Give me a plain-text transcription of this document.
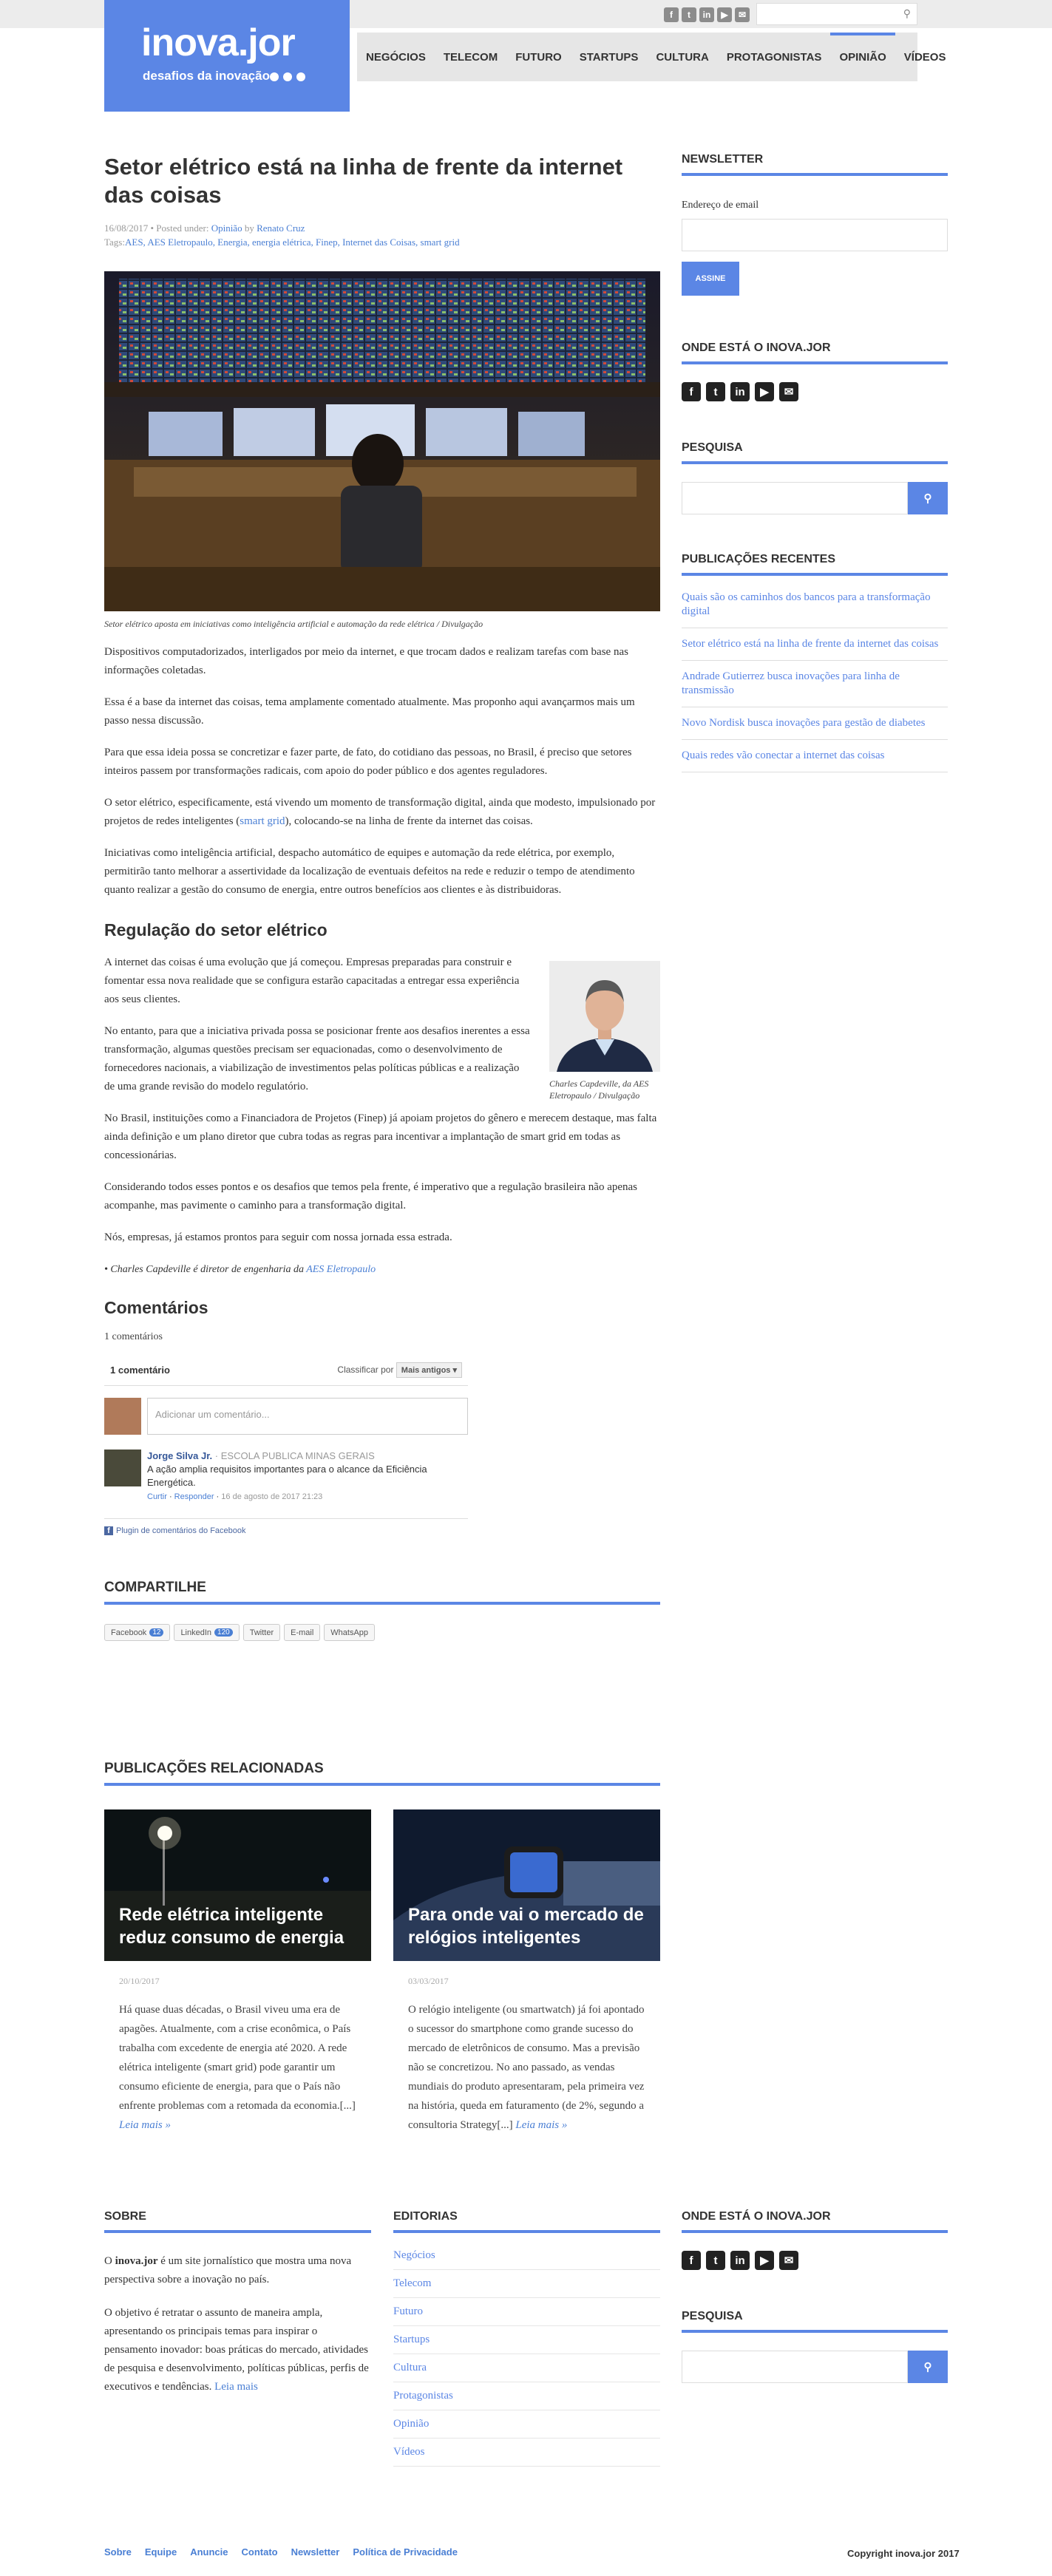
f	t	in	▶	✉	⚲
inova.jor
desafios da inovação
NEGÓCIOS	TELECOM	FUTURO	STARTUPS	CULTURA	PROTAGONISTAS	OPINIÃO	VÍDEOS
Setor elétrico está na linha de frente da internet das coisas
16/08/2017 • Posted under: Opinião by Renato Cruz
Tags:AES, AES Eletropaulo, Energia, energia elétrica, Finep, Internet das Coisas, smart grid
Setor elétrico aposta em iniciativas como inteligência artificial e automação da rede elétrica / Divulgação

Dispositivos computadorizados, interligados por meio da internet, e que trocam dados e realizam tarefas com base nas informações coletadas.

Essa é a base da internet das coisas, tema amplamente comentado atualmente. Mas proponho aqui avançarmos mais um passo nessa discussão.

Para que essa ideia possa se concretizar e fazer parte, de fato, do cotidiano das pessoas, no Brasil, é preciso que setores inteiros passem por transformações radicais, com apoio do poder público e dos agentes reguladores.

O setor elétrico, especificamente, está vivendo um momento de transformação digital, ainda que modesto, impulsionado por projetos de redes inteligentes (smart grid), colocando-se na linha de frente da internet das coisas.

Iniciativas como inteligência artificial, despacho automático de equipes e automação da rede elétrica, por exemplo, permitirão tanto melhorar a assertividade da localização de eventuais defeitos na rede e reduzir o tempo de atendimento quanto realizar a gestão do consumo de energia, entre outros benefícios aos clientes e às distribuidoras.

Regulação do setor elétrico
Charles Capdeville, da AES Eletropaulo / Divulgação

A internet das coisas é uma evolução que já começou. Empresas preparadas para construir e fomentar essa nova realidade que se configura estarão capacitadas a entregar essa experiência aos seus clientes.

No entanto, para que a iniciativa privada possa se posicionar frente aos desafios inerentes a essa transformação, algumas questões precisam ser equacionadas, como o desenvolvimento de fornecedores nacionais, a viabilização de investimentos pelas políticas públicas e a realização de uma grande revisão do modelo regulatório.

No Brasil, instituições como a Financiadora de Projetos (Finep) já apoiam projetos do gênero e merecem destaque, mas falta ainda definição e um plano diretor que cubra todas as regras para incentivar a implantação de smart grid em todas as concessionárias.

Considerando todos esses pontos e os desafios que temos pela frente, é imperativo que a regulação brasileira não apenas acompanhe, mas pavimente o caminho para a transformação digital.

Nós, empresas, já estamos prontos para seguir com nossa jornada essa estrada.

• Charles Capdeville é diretor de engenharia da AES Eletropaulo

Comentários
1 comentários
1 comentário	Classificar por Mais antigos ▾
Adicionar um comentário...
Jorge Silva Jr. · ESCOLA PUBLICA MINAS GERAIS
A ação amplia requisitos importantes para o alcance da Eficiência Energética.
Curtir · Responder · 16 de agosto de 2017 21:23
f Plugin de comentários do Facebook
COMPARTILHE
Facebook 12	LinkedIn 120	Twitter E-mail WhatsApp
PUBLICAÇÕES RELACIONADAS
Rede elétrica inteligente reduz consumo de energia
20/10/2017
Há quase duas décadas, o Brasil viveu uma era de apagões. Atualmente, com a crise econômica, o País trabalha com excedente de energia até 2020. A rede elétrica inteligente (smart grid) pode garantir um consumo eficiente de energia, para que o País não enfrente problemas com a retomada da economia.[...] Leia mais »
Para onde vai o mercado de relógios inteligentes
03/03/2017
O relógio inteligente (ou smartwatch) já foi apontado o sucessor do smartphone como grande sucesso do mercado de eletrônicos de consumo. Mas a previsão não se concretizou. No ano passado, as vendas mundiais do produto apresentaram, pela primeira vez na história, queda em faturamento (de 2%, segundo a consultoria Strategy[...] Leia mais »
NEWSLETTER
Endereço de email
ASSINE
ONDE ESTÁ O INOVA.JOR
f	t	in	▶	✉
PESQUISA
⚲
PUBLICAÇÕES RECENTES
Quais são os caminhos dos bancos para a transformação digital
Setor elétrico está na linha de frente da internet das coisas
Andrade Gutierrez busca inovações para linha de transmissão
Novo Nordisk busca inovações para gestão de diabetes
Quais redes vão conectar a internet das coisas
SOBRE

O inova.jor é um site jornalístico que mostra uma nova perspectiva sobre a inovação no país.

O objetivo é retratar o assunto de maneira ampla, apresentando os principais temas para inspirar o pensamento inovador: boas práticas do mercado, atividades de pesquisa e desenvolvimento, políticas públicas, perfis de executivos e tendências. Leia mais

EDITORIAS
Negócios
Telecom
Futuro
Startups
Cultura
Protagonistas
Opinião
Vídeos
ONDE ESTÁ O INOVA.JOR
f	t	in	▶	✉
PESQUISA
⚲
Sobre Equipe Anuncie Contato Newsletter Política de Privacidade	Copyright inova.jor 2017
